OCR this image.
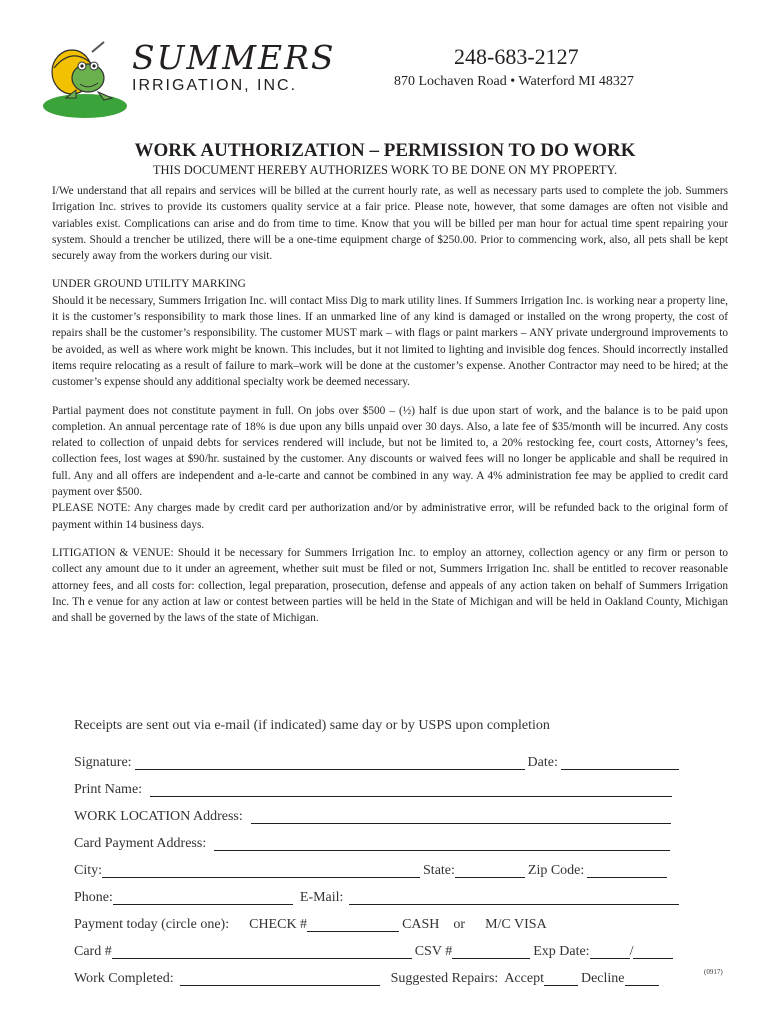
SUMMERS
IRRIGATION, INC.
248-683-2127
870 Lochaven Road • Waterford MI 48327
WORK AUTHORIZATION – PERMISSION TO DO WORK

THIS DOCUMENT HEREBY AUTHORIZES WORK TO BE DONE ON MY PROPERTY.

I/We understand that all repairs and services will be billed at the current hourly rate, as well as necessary parts used to complete the job. Summers Irrigation Inc. strives to provide its customers quality service at a fair price. Please note, however, that some damages are often not visible and variables exist. Complications can arise and do from time to time. Know that you will be billed per man hour for actual time spent repairing your system. Should a trencher be utilized, there will be a one-time equipment charge of $250.00. Prior to commencing work, also, all pets shall be kept securely away from the workers during our visit.

UNDER GROUND UTILITY MARKING

Should it be necessary, Summers Irrigation Inc. will contact Miss Dig to mark utility lines. If Summers Irrigation Inc. is working near a property line, it is the customer’s responsibility to mark those lines. If an unmarked line of any kind is damaged or installed on the wrong property, the cost of repairs shall be the customer’s responsibility. The customer MUST mark – with flags or paint markers – ANY private underground improvements to be avoided, as well as where work might be known. This includes, but it not limited to lighting and invisible dog fences. Should incorrectly installed items require relocating as a result of failure to mark–work will be done at the customer’s expense. Another Contractor may need to be hired; at the customer’s expense should any additional specialty work be deemed necessary.

Partial payment does not constitute payment in full. On jobs over $500 – (½) half is due upon start of work, and the balance is to be paid upon completion. An annual percentage rate of 18% is due upon any bills unpaid over 30 days. Also, a late fee of $35/month will be incurred. Any costs related to collection of unpaid debts for services rendered will include, but not be limited to, a 20% restocking fee, court costs, Attorney’s fees, collection fees, lost wages at $90/hr. sustained by the customer. Any discounts or waived fees will no longer be applicable and shall be required in full. Any and all offers are independent and a-le-carte and cannot be combined in any way. A 4% administration fee may be applied to credit card payment over $500.

PLEASE NOTE: Any charges made by credit card per authorization and/or by administrative error, will be refunded back to the original form of payment within 14 business days.

LITIGATION & VENUE: Should it be necessary for Summers Irrigation Inc. to employ an attorney, collection agency or any firm or person to collect any amount due to it under an agreement, whether suit must be filed or not, Summers Irrigation Inc. shall be entitled to recover reasonable attorney fees, and all costs for: collection, legal preparation, prosecution, defense and appeals of any action taken on behalf of Summers Irrigation Inc. Th e venue for any action at law or contest between parties will be held in the State of Michigan and will be held in Oakland County, Michigan and shall be governed by the laws of the state of Michigan.

Receipts are sent out via e-mail (if indicated) same day or by USPS upon completion
Signature:	Date:
Print Name:
WORK LOCATION Address:
Card Payment Address:
City:	State:	Zip Code:
Phone:	E-Mail:
Payment today (circle one): CHECK #	CASH or M/C VISA
Card #	CSV #	Exp Date:	/
Work Completed:	Suggested Repairs: Accept	Decline	(0917)
